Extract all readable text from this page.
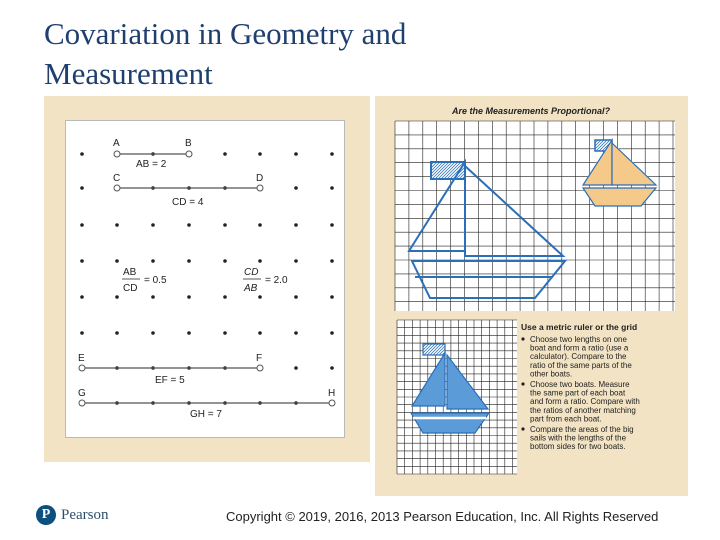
Covariation in Geometry and
Measurement
A	B
AB = 2
C	D
CD = 4
AB
CD
= 0.5
CD
AB
= 2.0
E	F
EF = 5
G	H
GH = 7
Are the Measurements Proportional?
Use a metric ruler or the grid
Choose two lengths on one
boat and form a ratio (use a
calculator). Compare to the
ratio of the same parts of the
other boats.
Choose two boats. Measure
the same part of each boat
and form a ratio. Compare with
the ratios of another matching
part from each boat.
Compare the areas of the big
sails with the lengths of the
bottom sides for two boats.
P Pearson	Copyright © 2019, 2016, 2013 Pearson Education, Inc. All Rights Reserved
